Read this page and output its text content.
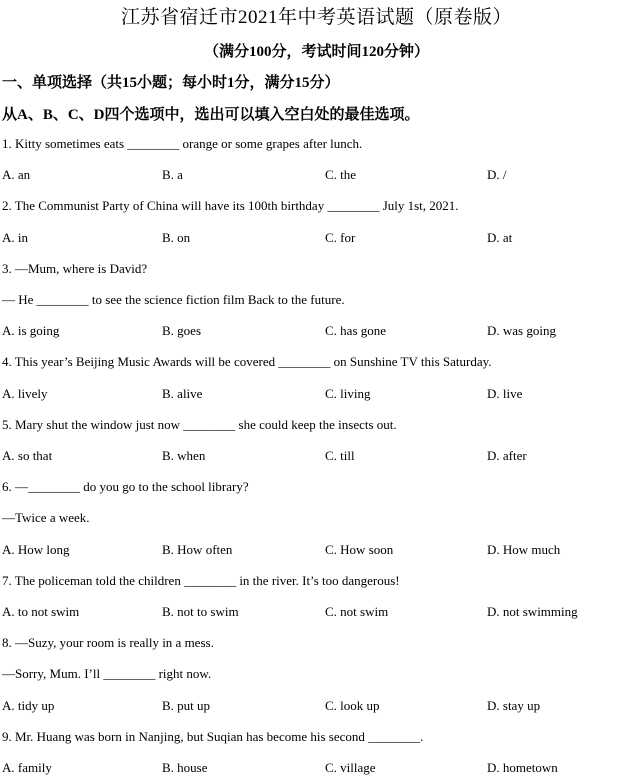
江苏省宿迁市2021年中考英语试题（原卷版）
（满分100分，考试时间120分钟）
一、单项选择（共15小题；每小时1分，满分15分）
从A、B、C、D四个选项中，选出可以填入空白处的最佳选项。
1. Kitty sometimes eats ________ orange or some grapes after lunch.
A. an	B. a	C. the	D. /
2. The Communist Party of China will have its 100th birthday ________ July 1st, 2021.
A. in	B. on	C. for	D. at
3. —Mum, where is David?
— He ________ to see the science fiction film Back to the future.
A. is going	B. goes	C. has gone	D. was going
4. This year’s Beijing Music Awards will be covered ________ on Sunshine TV this Saturday.
A. lively	B. alive	C. living	D. live
5. Mary shut the window just now ________ she could keep the insects out.
A. so that	B. when	C. till	D. after
6. —________ do you go to the school library?
—Twice a week.
A. How long	B. How often	C. How soon	D. How much
7. The policeman told the children ________ in the river. It’s too dangerous!
A. to not swim	B. not to swim	C. not swim	D. not swimming
8. —Suzy, your room is really in a mess.
—Sorry, Mum. I’ll ________ right now.
A. tidy up	B. put up	C. look up	D. stay up
9. Mr. Huang was born in Nanjing, but Suqian has become his second ________.
A. family	B. house	C. village	D. hometown
